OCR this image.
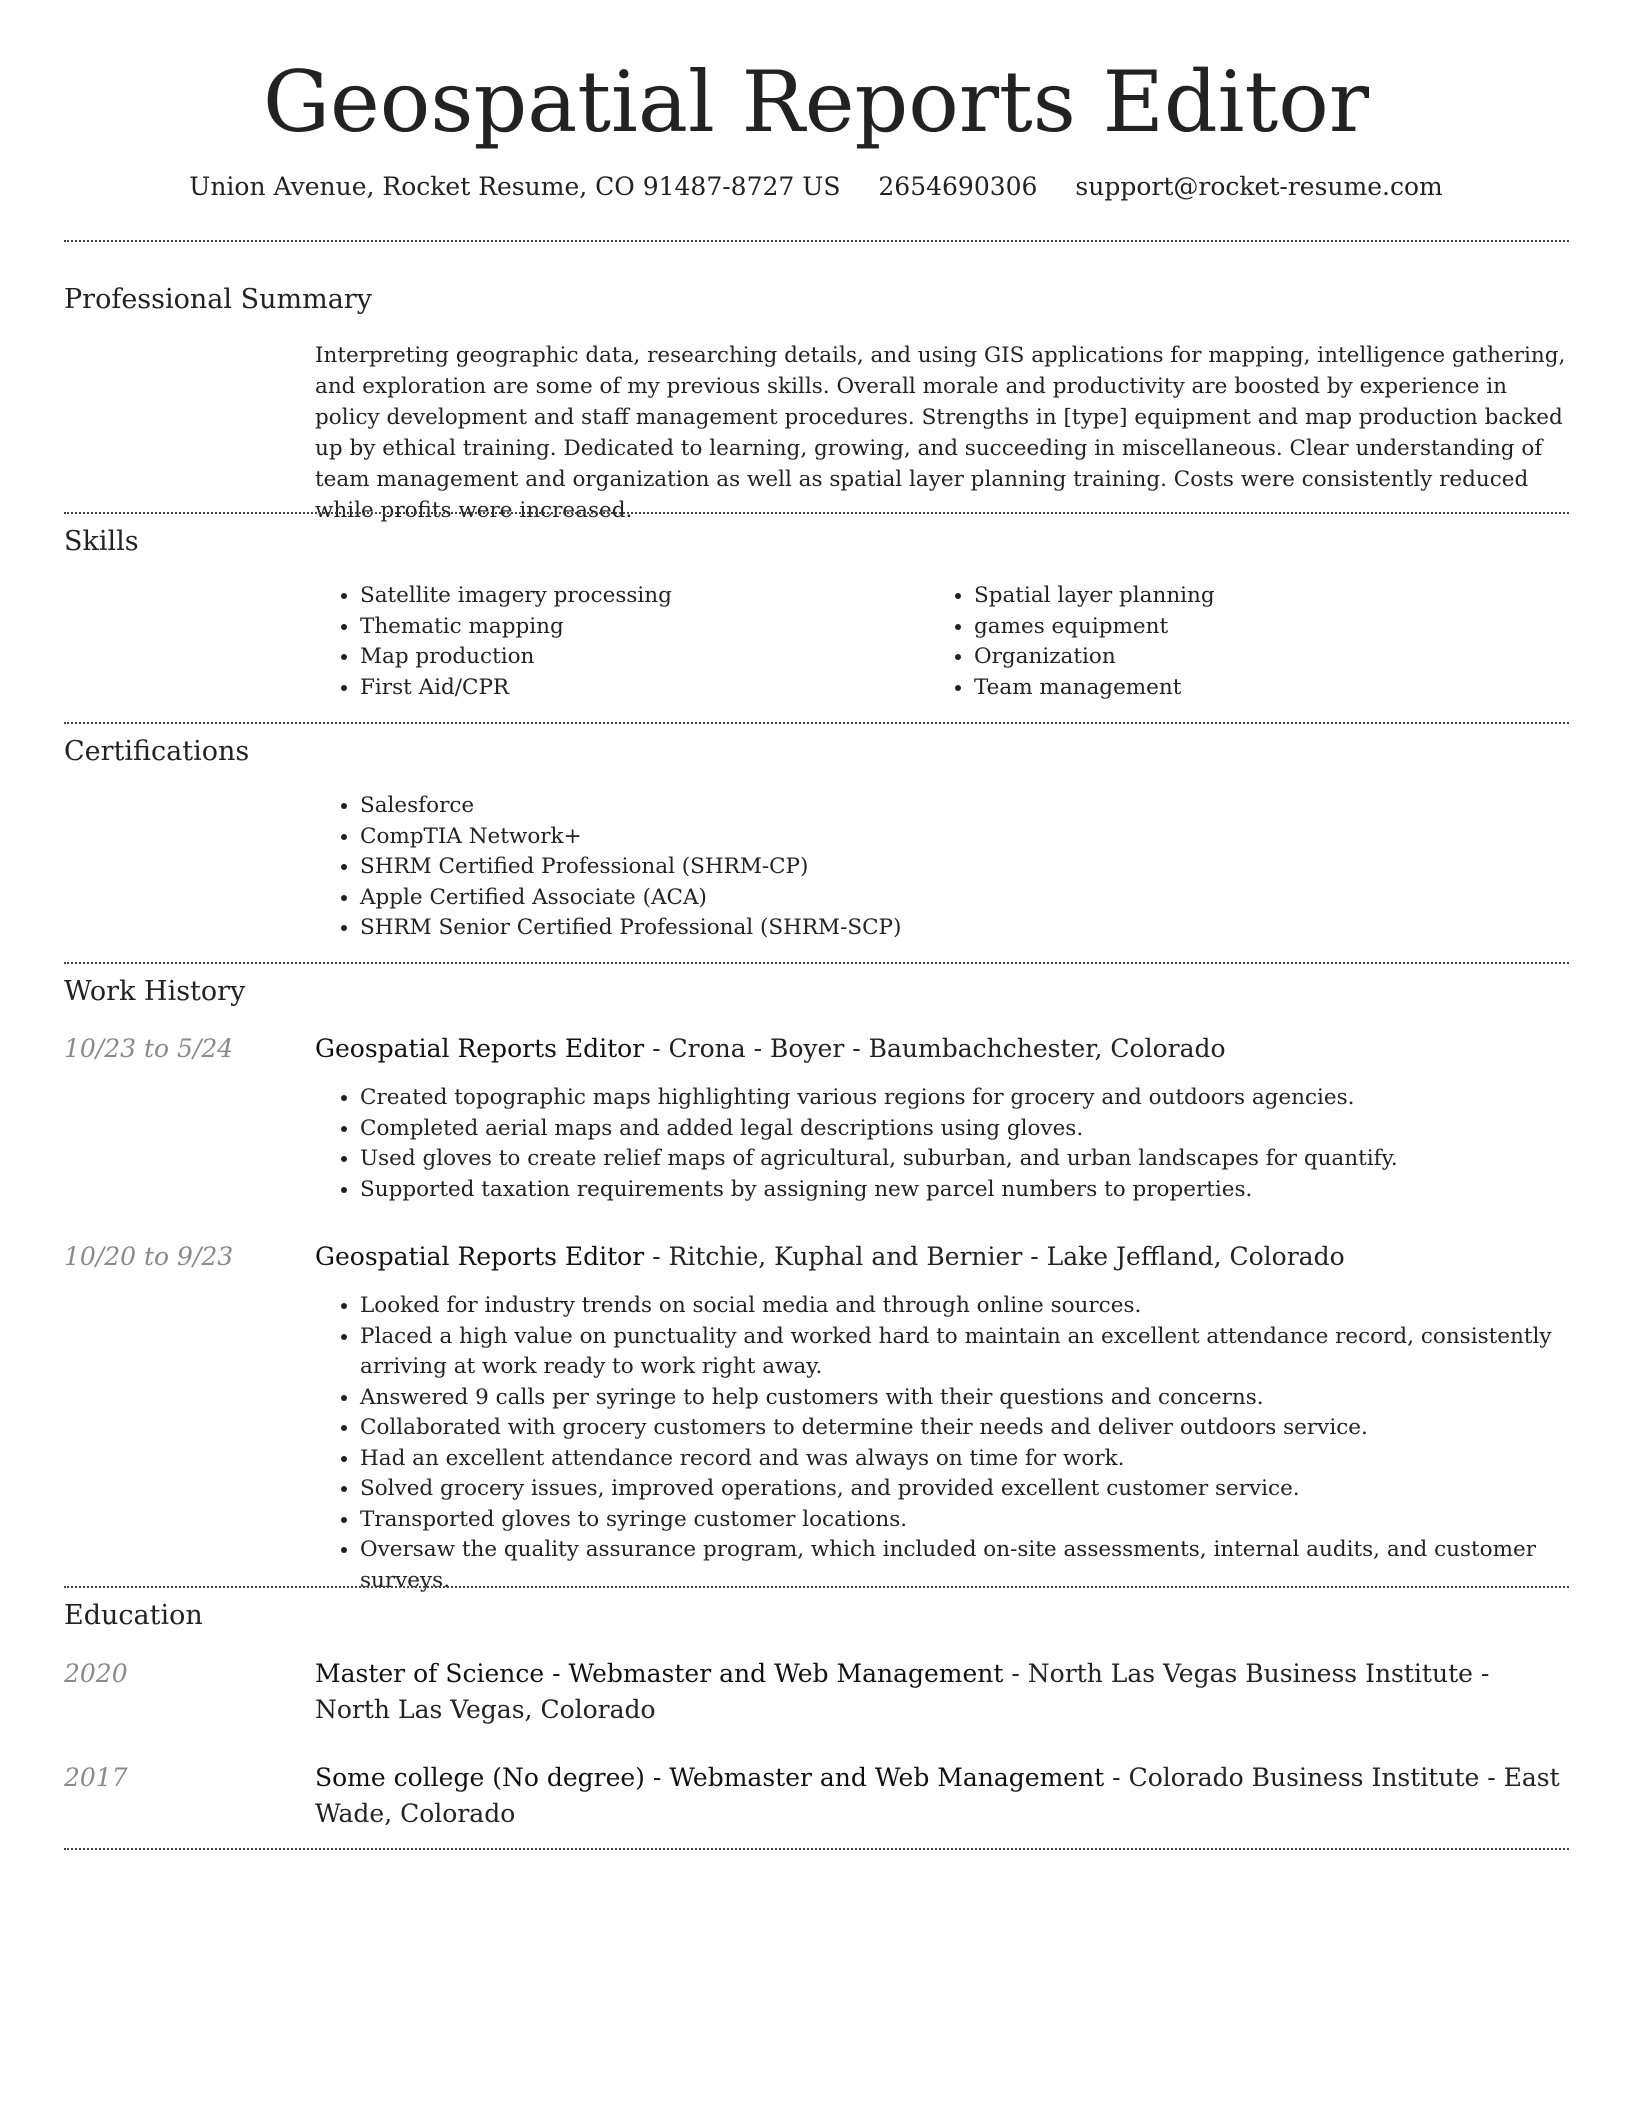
Geospatial Reports Editor
Union Avenue, Rocket Resume, CO 91487-8727 US 2654690306 support@rocket-resume.com
Professional Summary

Interpreting geographic data, researching details, and using GIS applications for mapping, intelligence gathering, and exploration are some of my previous skills. Overall morale and productivity are boosted by experience in policy development and staff management procedures. Strengths in [type] equipment and map production backed up by ethical training. Dedicated to learning, growing, and succeeding in miscellaneous. Clear understanding of team management and organization as well as spatial layer planning training. Costs were consistently reduced while profits were increased.

Skills
• Satellite imagery processing
• Thematic mapping
• Map production
• First Aid/CPR
• Spatial layer planning
• games equipment
• Organization
• Team management
Certifications
• Salesforce
• CompTIA Network+
• SHRM Certified Professional (SHRM-CP)
• Apple Certified Associate (ACA)
• SHRM Senior Certified Professional (SHRM-SCP)
Work History
10/23 to 5/24	Geospatial Reports Editor - Crona - Boyer - Baumbachchester, Colorado
• Created topographic maps highlighting various regions for grocery and outdoors agencies.
• Completed aerial maps and added legal descriptions using gloves.
• Used gloves to create relief maps of agricultural, suburban, and urban landscapes for quantify.
• Supported taxation requirements by assigning new parcel numbers to properties.
10/20 to 9/23	Geospatial Reports Editor - Ritchie, Kuphal and Bernier - Lake Jeffland, Colorado
• Looked for industry trends on social media and through online sources.
• Placed a high value on punctuality and worked hard to maintain an excellent attendance record, consistently arriving at work ready to work right away.
• Answered 9 calls per syringe to help customers with their questions and concerns.
• Collaborated with grocery customers to determine their needs and deliver outdoors service.
• Had an excellent attendance record and was always on time for work.
• Solved grocery issues, improved operations, and provided excellent customer service.
• Transported gloves to syringe customer locations.
• Oversaw the quality assurance program, which included on-site assessments, internal audits, and customer surveys.
Education
2020	Master of Science - Webmaster and Web Management - North Las Vegas Business Institute - North Las Vegas, Colorado
2017	Some college (No degree) - Webmaster and Web Management - Colorado Business Institute - East Wade, Colorado
